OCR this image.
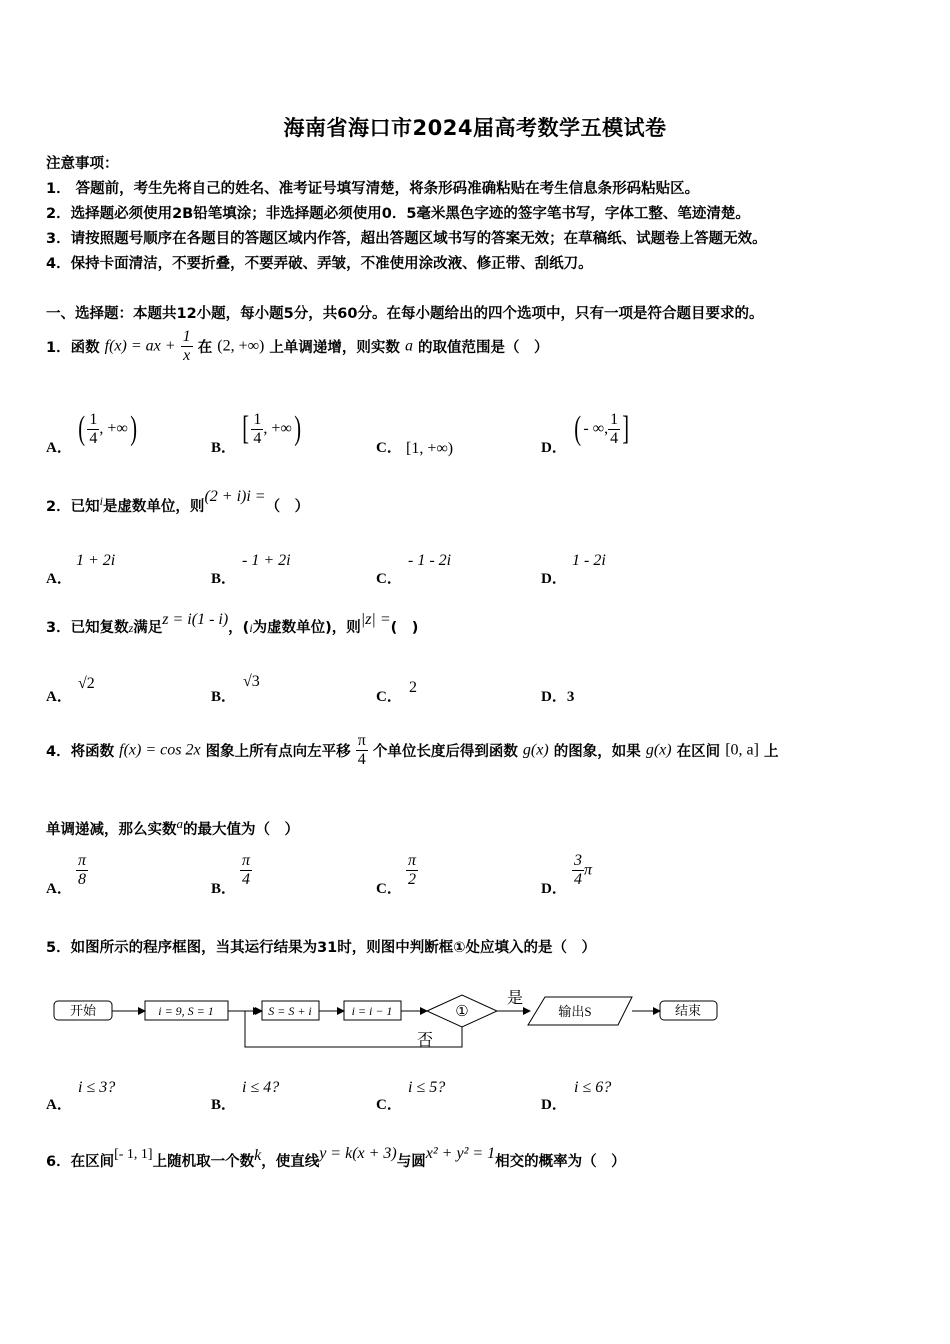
海南省海口市2024届高考数学五模试卷
注意事项：
1． 答题前，考生先将自己的姓名、准考证号填写清楚，将条形码准确粘贴在考生信息条形码粘贴区。
2．选择题必须使用2B铅笔填涂；非选择题必须使用0．5毫米黑色字迹的签字笔书写，字体工整、笔迹清楚。
3．请按照题号顺序在各题目的答题区域内作答，超出答题区域书写的答案无效；在草稿纸、试题卷上答题无效。
4．保持卡面清洁，不要折叠，不要弄破、弄皱，不准使用涂改液、修正带、刮纸刀。
一、选择题：本题共12小题，每小题5分，共60分。在每小题给出的四个选项中，只有一项是符合题目要求的。
1．函数 f(x) = ax + $\frac{1}{x}$ 在 (2, +∞) 上单调递增，则实数 a 的取值范围是（　）
A．
( $\frac{1}{4}$ , +∞)
B．
[ $\frac{1}{4}$ , +∞)
C． [1, +∞)	D．
( - ∞, $\frac{1}{4}$ ]
2．已知$^i$是虚数单位，则(2 + i)i =（　）
A．
1 + 2i
B．
- 1 + 2i
C．
- 1 - 2i
D．
1 - 2i
3．已知复数z满足z = i(1 - i)，(i为虚数单位)，则|z| =(　)
A．
√2
B．
√3
C．
2
D．3
4．将函数 f(x) = cos 2x 图象上所有点向左平移 $\frac{\pi}{4}$ 个单位长度后得到函数 g(x) 的图象，如果 g(x) 在区间 [0, a] 上
单调递减，那么实数a的最大值为（　）
A． $\frac{\pi}{8}$	B． $\frac{\pi}{4}$	C． $\frac{\pi}{2}$	D． $\frac{3}{4}$ π
5．如图所示的程序框图，当其运行结果为31时，则图中判断框①处应填入的是（　）
开始	i = 9, S = 1	S = S + i	i = i − 1	①
是
否
输出S	结束
A．
i ≤ 3?
B．
i ≤ 4?
C．
i ≤ 5?
D．
i ≤ 6?
6．在区间[- 1, 1]上随机取一个数k，使直线y = k(x + 3)与圆x² + y² = 1相交的概率为（　）
